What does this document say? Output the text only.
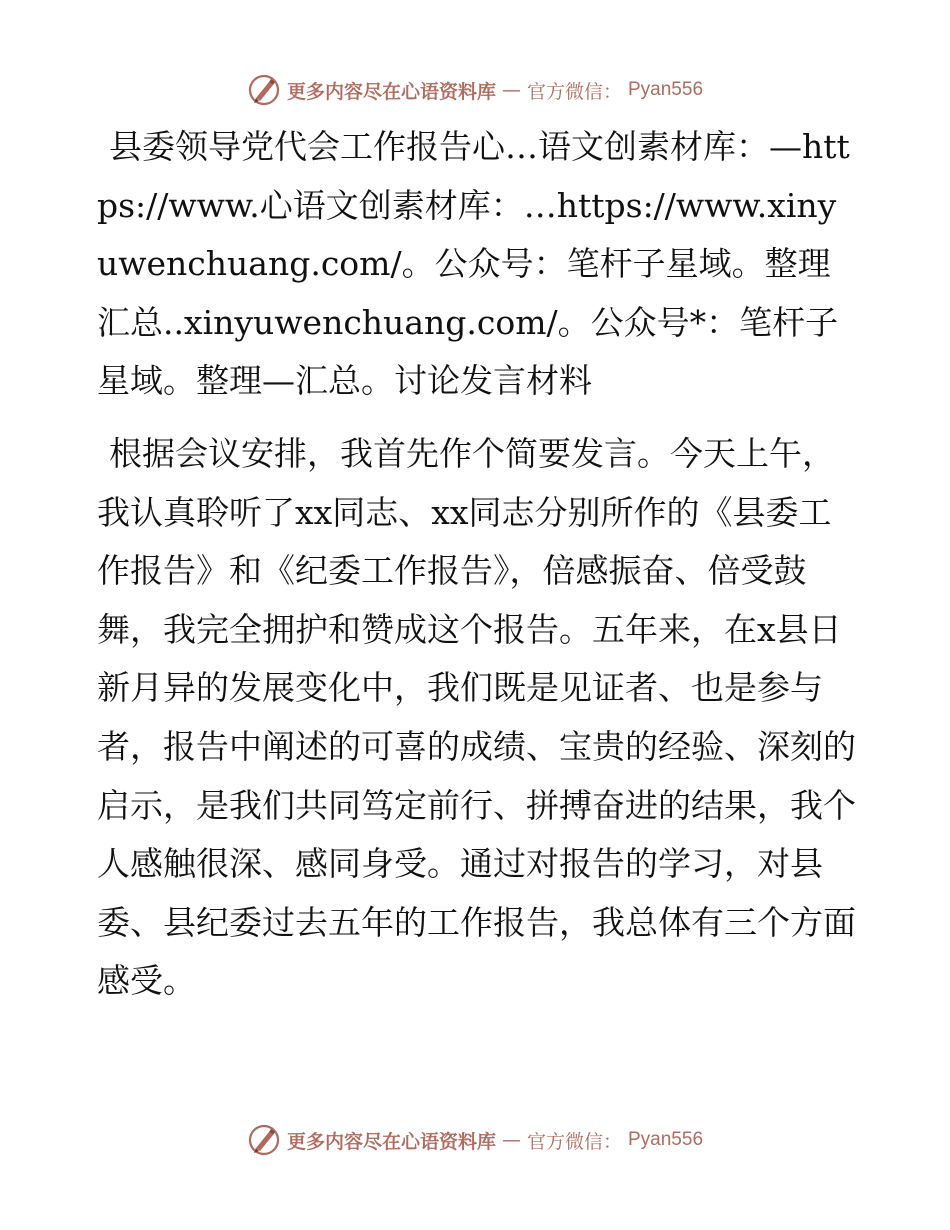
更多内容尽在心语资料库 — 官方微信： Pyan556

县委领导党代会工作报告心…语文创素材库：—https://www.心语文创素材库：…https://www.xinyuwenchuang.com/。公众号：笔杆子星域。整理汇总..xinyuwenchuang.com/。公众号*：笔杆子星域。整理—汇总。讨论发言材料

根据会议安排，我首先作个简要发言。今天上午，我认真聆听了xx同志、xx同志分别所作的《县委工作报告》和《纪委工作报告》，倍感振奋、倍受鼓舞，我完全拥护和赞成这个报告。五年来，在x县日新月异的发展变化中，我们既是见证者、也是参与者，报告中阐述的可喜的成绩、宝贵的经验、深刻的启示，是我们共同笃定前行、拼搏奋进的结果，我个人感触很深、感同身受。通过对报告的学习，对县委、县纪委过去五年的工作报告，我总体有三个方面感受。

更多内容尽在心语资料库 — 官方微信： Pyan556
